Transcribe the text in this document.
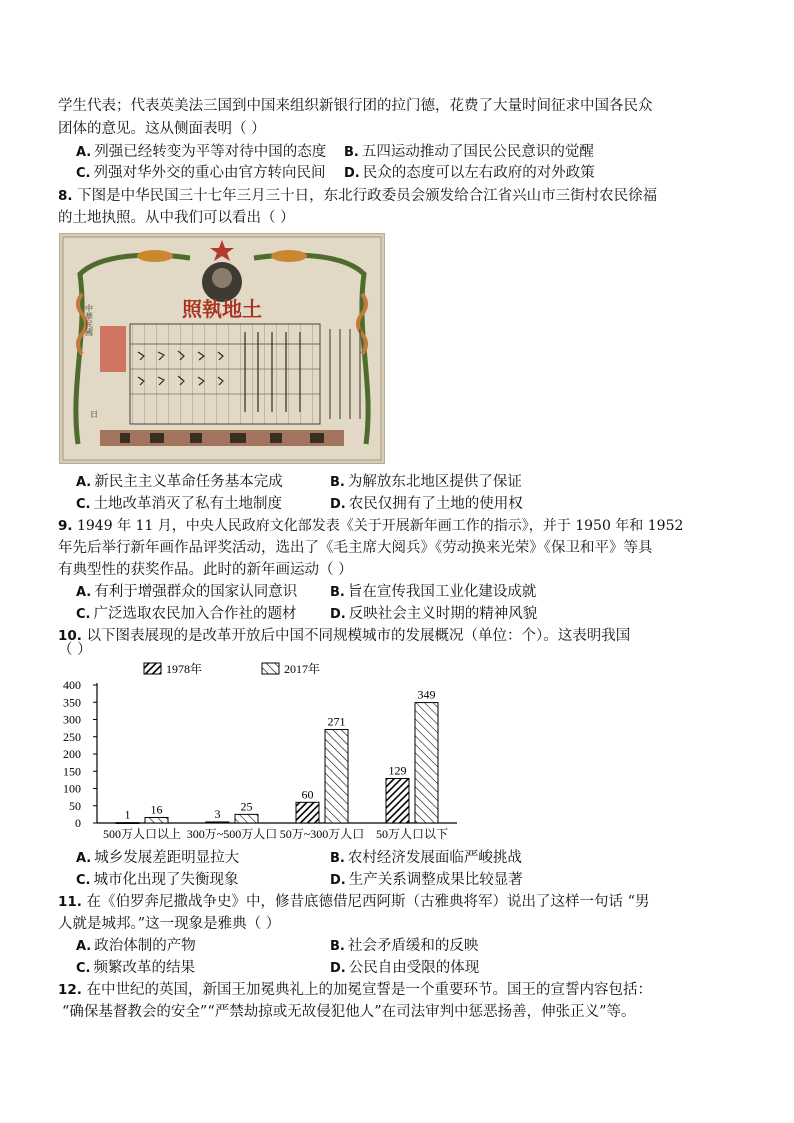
学生代表；代表英美法三国到中国来组织新银行团的拉门德，花费了大量时间征求中国各民众
团体的意见。这从侧面表明（ ）
A. 列强已经转变为平等对待中国的态度 B. 五四运动推动了国民公民意识的觉醒
C. 列强对华外交的重心由官方转向民间 D. 民众的态度可以左右政府的对外政策
8. 下图是中华民国三十七年三月三十日，东北行政委员会颁发给合江省兴山市三街村农民徐福
的土地执照。从中我们可以看出（ ）
照執地土
中華民國
日
A. 新民主主义革命任务基本完成	B. 为解放东北地区提供了保证
C. 土地改革消灭了私有土地制度	D. 农民仅拥有了土地的使用权
9. 1949 年 11 月，中央人民政府文化部发表《关于开展新年画工作的指示》，并于 1950 年和 1952
年先后举行新年画作品评奖活动，选出了《毛主席大阅兵》《劳动换来光荣》《保卫和平》等具
有典型性的获奖作品。此时的新年画运动（ ）
A. 有利于增强群众的国家认同意识	B. 旨在宣传我国工业化建设成就
C. 广泛选取农民加入合作社的题材	D. 反映社会主义时期的精神风貌
10. 以下图表展现的是改革开放后中国不同规模城市的发展概况（单位：个）。这表明我国
（ ）
0
50
100
150
200
250
300
350
400
1978年	2017年
1 16
500万人口以上
3
25
300万~500万人口
60
271
50万~300万人口
129
349
50万人口以下
A. 城乡发展差距明显拉大	B. 农村经济发展面临严峻挑战
C. 城市化出现了失衡现象	D. 生产关系调整成果比较显著
11. 在《伯罗奔尼撒战争史》中，修昔底德借尼西阿斯（古雅典将军）说出了这样一句话 “男
人就是城邦。”这一现象是雅典（ ）
A. 政治体制的产物	B. 社会矛盾缓和的反映
C. 频繁改革的结果	D. 公民自由受限的体现
12. 在中世纪的英国，新国王加冕典礼上的加冕宣誓是一个重要环节。国王的宣誓内容包括：
“确保基督教会的安全”“严禁劫掠或无故侵犯他人”在司法审判中惩恶扬善，伸张正义”等。
